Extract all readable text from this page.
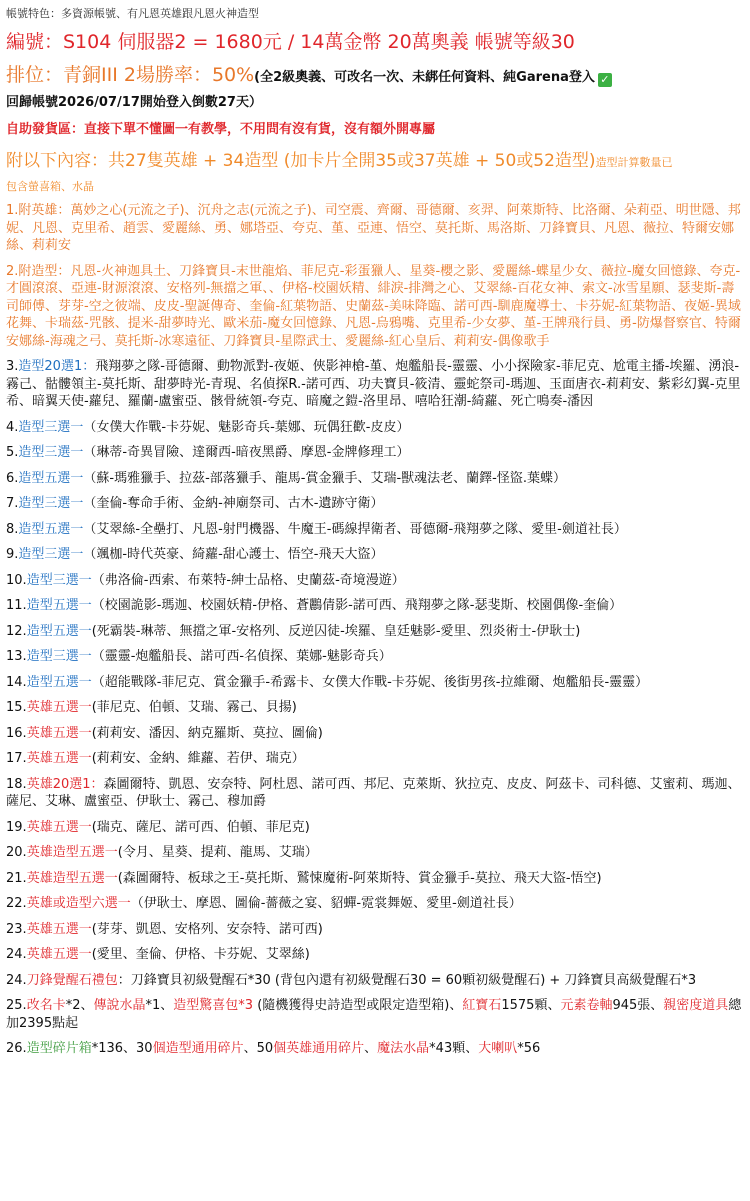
帳號特色：多資源帳號、有凡恩英雄跟凡恩火神造型

編號：S104 伺服器2 = 1680元 / 14萬金幣 20萬奧義 帳號等級30

排位：青銅III 2場勝率：50%(全2級奧義、可改名一次、未綁任何資料、純Garena登入 ✓

回歸帳號2026/07/17開始登入倒數27天）

自助發貨區：直接下單不懂圖一有教學，不用問有沒有貨，沒有額外開專屬

附以下內容：共27隻英雄 + 34造型 (加卡片全開35或37英雄 + 50或52造型)造型計算數量已

包含螢喜箱、水晶

1.附英雄：萬妙之心(元流之子)、沉舟之志(元流之子)、司空震、齊爾、哥德爾、亥羿、阿萊斯特、比洛爾、朵莉亞、明世隱、邦妮、凡恩、克里希、趙雲、愛麗絲、勇、娜塔亞、夸克、堇、亞連、悟空、莫托斯、馬洛斯、刀鋒寶貝、凡恩、薇拉、特爾安娜絲、莉莉安

2.附造型：凡恩-火神迦具土、刀鋒寶貝-末世龍焰、菲尼克-彩蛋獵人、星葵-櫻之影、愛麗絲-蝶星少女、薇拉-魔女回憶錄、夸克-才圓滾滾、亞連-財源滾滾、安格列-無擋之軍、、伊格-校園妖精、緋淚-排灣之心、艾翠絲-百花女神、索文-冰雪星願、瑟斐斯-壽司師傅、芽芽-空之彼端、皮皮-聖誕傳奇、奎倫-紅葉物語、史蘭茲-美味降臨、諾可西-馴鹿魔導士、卡芬妮-紅葉物語、夜姬-異域花舞、卡瑞茲-咒骸、提米-甜夢時光、歐米茄-魔女回憶錄、凡恩-烏鴉嘴、克里希-少女夢、堇-王牌飛行員、勇-防爆督察官、特爾安娜絲-海魂之弓、莫托斯-冰寒遠征、刀鋒寶貝-星際武士、愛麗絲-紅心皇后、莉莉安-偶像歌手

3.造型20選1：飛翔夢之隊-哥德爾、動物派對-夜姬、俠影神槍-堇、炮艦船長-靈靈、小小探險家-菲尼克、尬電主播-埃羅、湧浪-霧己、骷髏領主-莫托斯、甜夢時光-青現、名偵探R.-諾可西、功夫寶貝-筱清、靈蛇祭司-瑪迦、玉面唐衣-莉莉安、紫彩幻翼-克里希、暗翼天使-蘿兒、羅蘭-盧蜜亞、骸骨統領-夸克、暗魔之鎧-洛里昂、嘻哈狂潮-綺蘿、死亡鳴奏-潘因

4.造型三選一（女僕大作戰-卡芬妮、魅影奇兵-葉娜、玩偶狂歡-皮皮）

5.造型三選一（琳蒂-奇異冒險、達爾西-暗夜黑爵、摩恩-金牌修理工）

6.造型五選一（蘇-瑪雅獵手、拉茲-部落獵手、龍馬-賞金獵手、艾瑞-獸魂法老、蘭鐸-怪盜.葉蝶）

7.造型三選一（奎倫-奪命手術、金納-神廟祭司、古木-遺跡守衛）

8.造型五選一（艾翠絲-全壘打、凡恩-射門機器、牛魔王-碼線捍衛者、哥德爾-飛翔夢之隊、愛里-劍道社長）

9.造型三選一（颯枷-時代英豪、綺蘿-甜心護士、悟空-飛天大盜）

10.造型三選一（弗洛倫-西索、布萊特-紳士品格、史蘭茲-奇境漫遊）

11.造型五選一（校園詭影-瑪迦、校園妖精-伊格、蒼鸝倩影-諾可西、飛翔夢之隊-瑟斐斯、校園偶像-奎倫）

12.造型五選一(死霸裝-琳蒂、無擋之軍-安格列、反逆囚徒-埃羅、皇廷魅影-愛里、烈炎術士-伊耿士)

13.造型三選一（靈靈-炮艦船長、諾可西-名偵探、葉娜-魅影奇兵）

14.造型五選一（超能戰隊-菲尼克、賞金獵手-希露卡、女僕大作戰-卡芬妮、後街男孩-拉維爾、炮艦船長-靈靈）

15.英雄五選一(菲尼克、伯頓、艾瑞、霧己、貝揚)

16.英雄五選一(莉莉安、潘因、納克羅斯、莫拉、圖倫)

17.英雄五選一(莉莉安、金納、維蘿、若伊、瑞克）

18.英雄20選1：森圖爾特、凱恩、安奈特、阿杜恩、諾可西、邦尼、克萊斯、狄拉克、皮皮、阿茲卡、司科德、艾蜜莉、瑪迦、薩尼、艾琳、盧蜜亞、伊耿士、霧己、穆加爵

19.英雄五選一(瑞克、薩尼、諾可西、伯頓、菲尼克)

20.英雄造型五選一(令月、星葵、提莉、龍馬、艾瑞）

21.英雄造型五選一(森圖爾特、板球之王-莫托斯、鷲悚魔術-阿萊斯特、賞金獵手-莫拉、飛天大盜-悟空)

22.英雄或造型六選一（伊耿士、摩恩、圖倫-薔薇之宴、貂蟬-霓裳舞姬、愛里-劍道社長）

23.英雄五選一(芽芽、凱恩、安格列、安奈特、諾可西)

24.英雄五選一(愛里、奎倫、伊格、卡芬妮、艾翠絲)

24.刀鋒覺醒石禮包：刀鋒寶貝初級覺醒石*30 (背包內還有初級覺醒石30 = 60顆初級覺醒石) + 刀鋒寶貝高級覺醒石*3

25.改名卡*2、傳說水晶*1、造型驚喜包*3 (隨機獲得史詩造型或限定造型箱)、紅寶石1575顆、元素卷軸945張、親密度道具總加2395點起

26.造型碎片箱*136、30個造型通用碎片、50個英雄通用碎片、魔法水晶*43顆、大喇叭*56
